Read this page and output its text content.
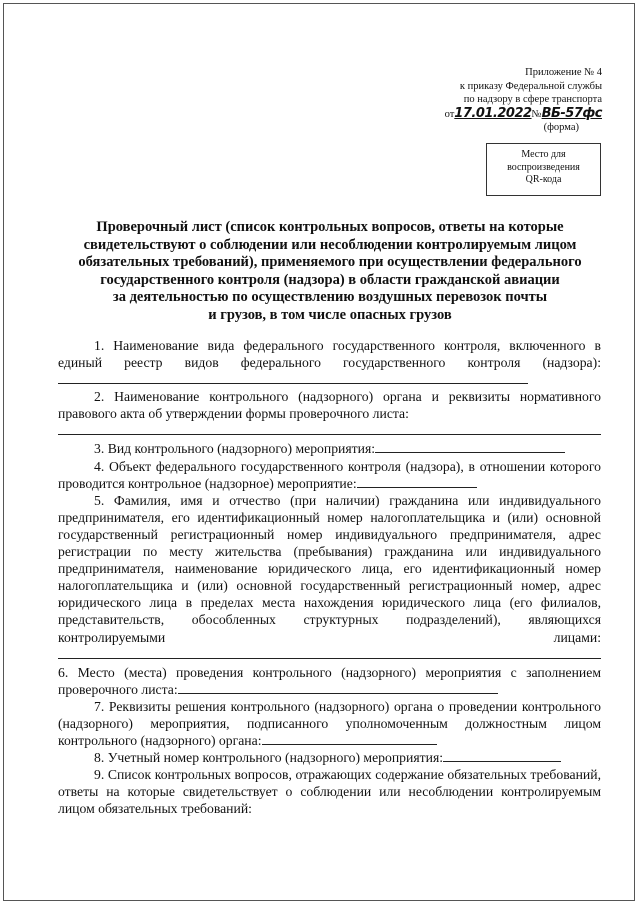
Приложение № 4
к приказу Федеральной службы
по надзору в сфере транспорта
от17.01.2022№ВБ-57фс
(форма)
Место для
воспроизведения
QR-кода
Проверочный лист (список контрольных вопросов, ответы на которые
свидетельствуют о соблюдении или несоблюдении контролируемым лицом
обязательных требований), применяемого при осуществлении федерального
государственного контроля (надзора) в области гражданской авиации
за деятельностью по осуществлению воздушных перевозок почты
и грузов, в том числе опасных грузов

1. Наименование вида федерального государственного контроля, включенного в единый реестр видов федерального государственного контроля (надзора):

2. Наименование контрольного (надзорного) органа и реквизиты нормативного правового акта об утверждении формы проверочного листа:

3. Вид контрольного (надзорного) мероприятия:

4. Объект федерального государственного контроля (надзора), в отношении которого проводится контрольное (надзорное) мероприятие:

5. Фамилия, имя и отчество (при наличии) гражданина или индивидуального предпринимателя, его идентификационный номер налогоплательщика и (или) основной государственный регистрационный номер индивидуального предпринимателя, адрес регистрации по месту жительства (пребывания) гражданина или индивидуального предпринимателя, наименование юридического лица, его идентификационный номер налогоплательщика и (или) основной государственный регистрационный номер, адрес юридического лица в пределах места нахождения юридического лица (его филиалов, представительств, обособленных структурных подразделений), являющихся контролируемыми лицами:

6. Место (места) проведения контрольного (надзорного) мероприятия с заполнением проверочного листа:

7. Реквизиты решения контрольного (надзорного) органа о проведении контрольного (надзорного) мероприятия, подписанного уполномоченным должностным лицом контрольного (надзорного) органа:

8. Учетный номер контрольного (надзорного) мероприятия:

9. Список контрольных вопросов, отражающих содержание обязательных требований, ответы на которые свидетельствует о соблюдении или несоблюдении контролируемым лицом обязательных требований:
